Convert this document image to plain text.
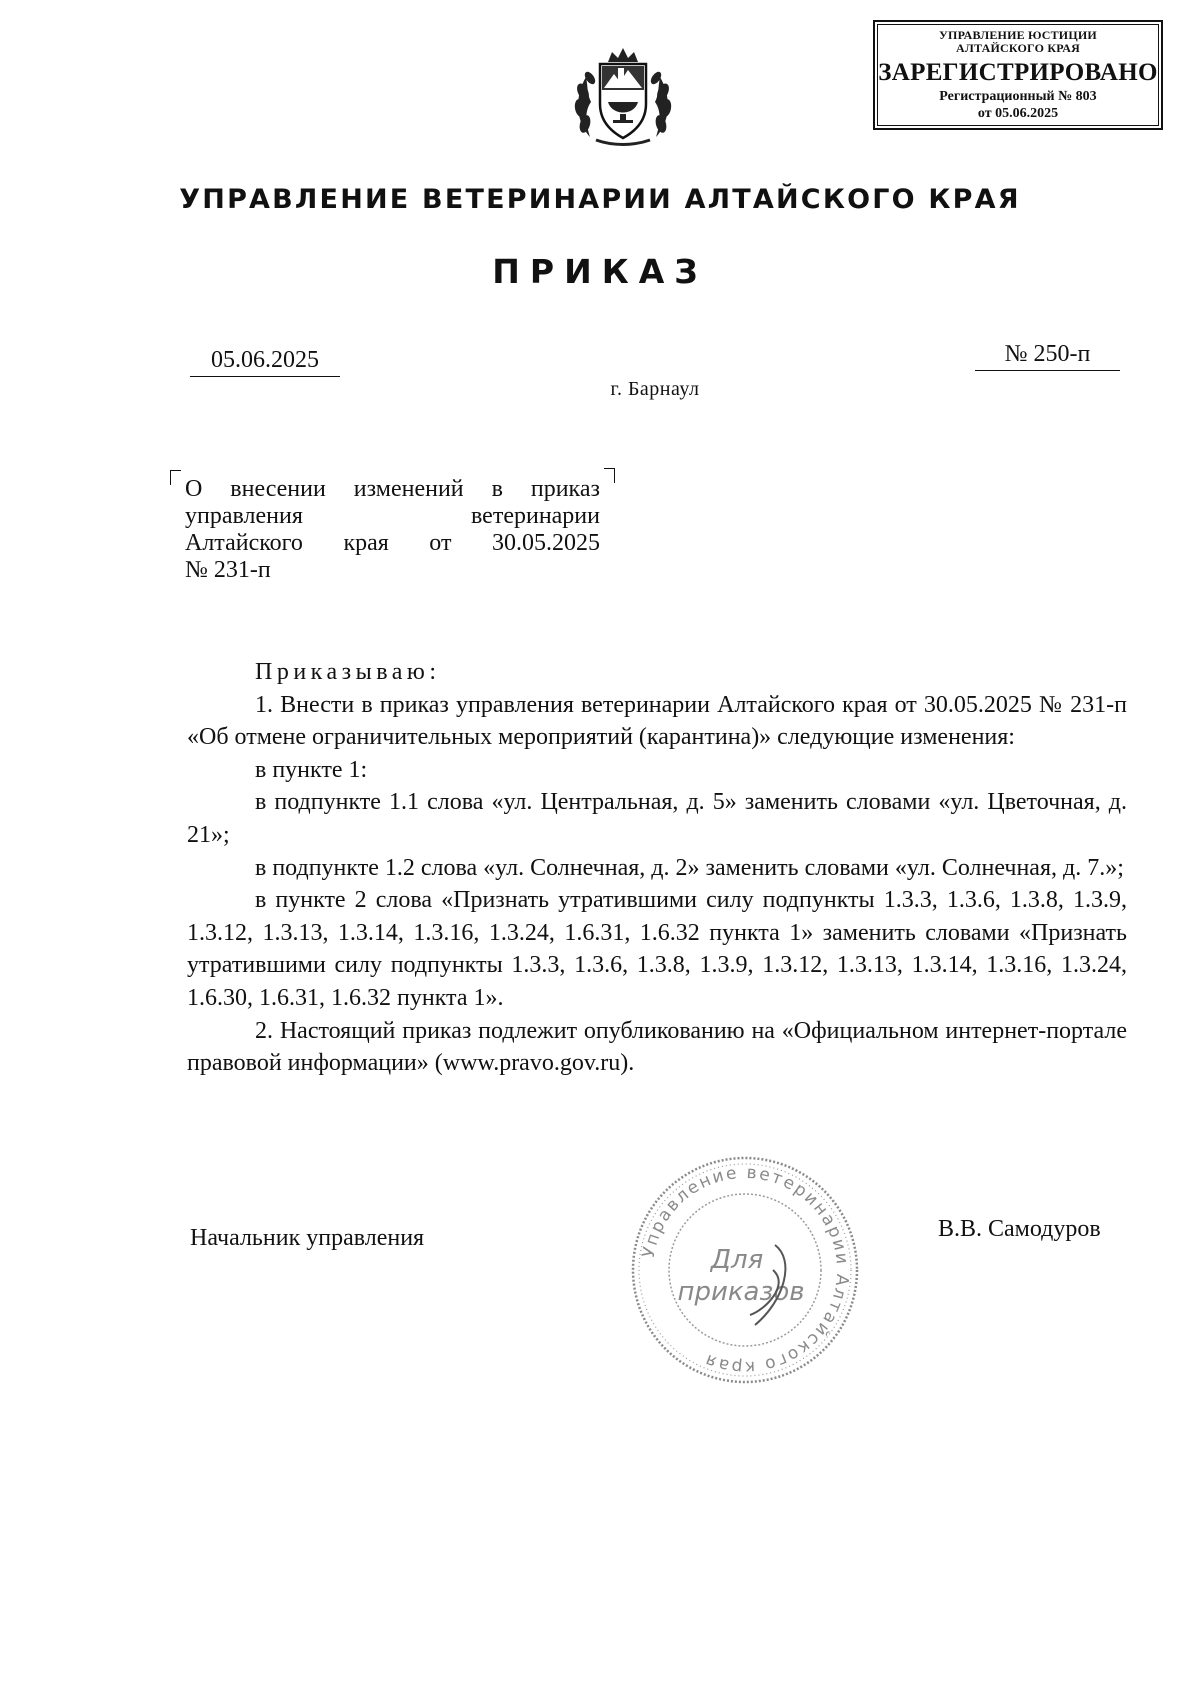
УПРАВЛЕНИЕ ЮСТИЦИИ
АЛТАЙСКОГО КРАЯ
ЗАРЕГИСТРИРОВАНО
Регистрационный № 803
от 05.06.2025
УПРАВЛЕНИЕ ВЕТЕРИНАРИИ АЛТАЙСКОГО КРАЯ
ПРИКАЗ
05.06.2025	№ 250-п
г. Барнаул
О внесении изменений в приказ
управления	ветеринарии
Алтайского края от 30.05.2025
№ 231-п

Приказываю:

1. Внести в приказ управления ветеринарии Алтайского края от 30.05.2025 № 231-п «Об отмене ограничительных мероприятий (карантина)» следующие изменения:

в пункте 1:

в подпункте 1.1 слова «ул. Центральная, д. 5» заменить словами «ул. Цветочная, д. 21»;

в подпункте 1.2 слова «ул. Солнечная, д. 2» заменить словами «ул. Солнечная, д. 7.»;

в пункте 2 слова «Признать утратившими силу подпункты 1.3.3, 1.3.6, 1.3.8, 1.3.9, 1.3.12, 1.3.13, 1.3.14, 1.3.16, 1.3.24, 1.6.31, 1.6.32 пункта 1» заменить словами «Признать утратившими силу подпункты 1.3.3, 1.3.6, 1.3.8, 1.3.9, 1.3.12, 1.3.13, 1.3.14, 1.3.16, 1.3.24, 1.6.30, 1.6.31, 1.6.32 пункта 1».

2. Настоящий приказ подлежит опубликованию на «Официальном интернет-портале правовой информации» (www.pravo.gov.ru).

Начальник управления	В.В. Самодуров
Управление ветеринарии Алтайского края
Для
приказов
